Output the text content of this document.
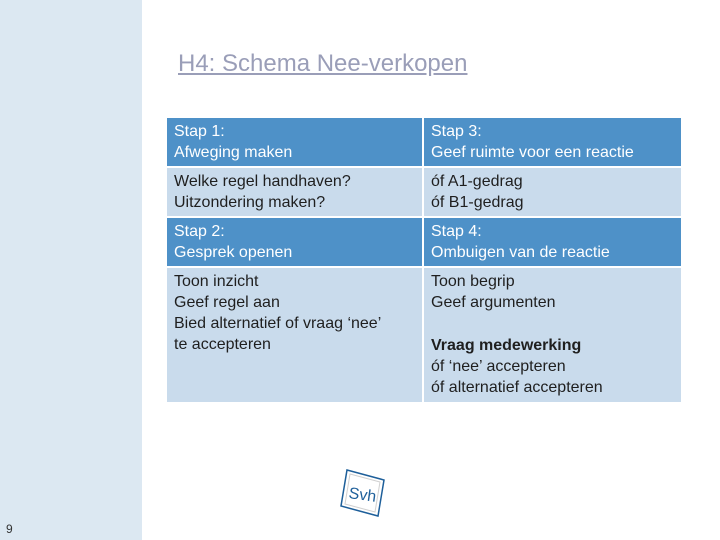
H4: Schema Nee-verkopen
Stap 1:
Afweging maken
Stap 3:
Geef ruimte voor een reactie
Welke regel handhaven?
Uitzondering maken?
óf A1-gedrag
óf B1-gedrag
Stap 2:
Gesprek openen
Stap 4:
Ombuigen van de reactie
Toon inzicht
Geef regel aan
Bied alternatief of vraag ‘nee’
te accepteren
Toon begrip
Geef argumenten
Vraag medewerking
óf ‘nee’ accepteren
óf alternatief accepteren
Svh
9
